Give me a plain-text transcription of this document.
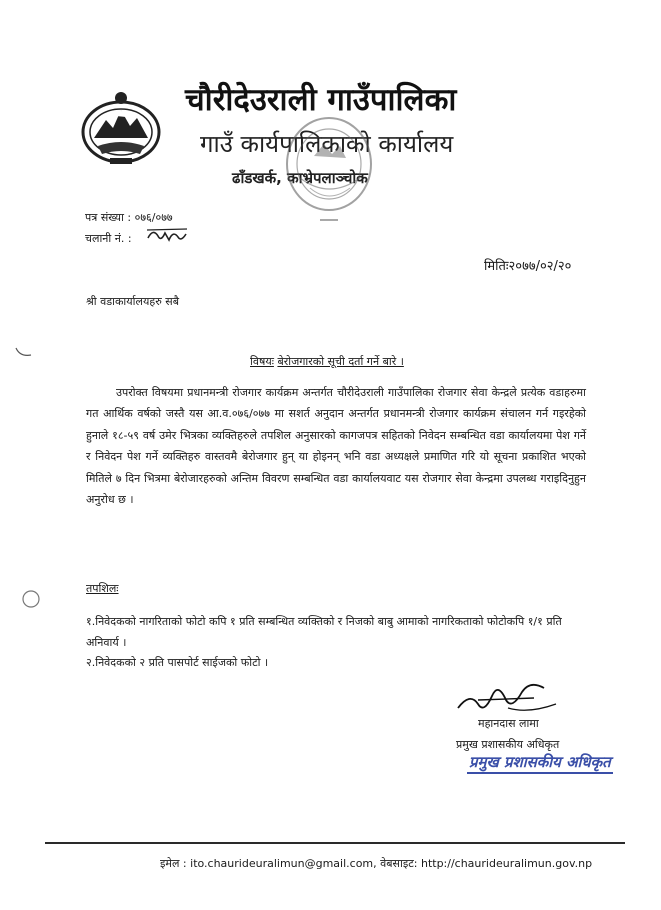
चौरीदेउराली गाउँपालिका
गाउँ कार्यपालिकाको कार्यालय
ढाँडखर्क, काभ्रेपलाञ्चोक
पत्र संख्या : ०७६/०७७
चलानी नं. :
मितिः२०७७/०२/२०
श्री वडाकार्यालयहरु सबै
विषयः बेरोजगारको सूची दर्ता गर्ने बारे ।

उपरोक्त विषयमा प्रधानमन्त्री रोजगार कार्यक्रम अन्तर्गत चौरीदेउराली गाउँपालिका रोजगार सेवा केन्द्रले प्रत्येक वडाहरुमा गत आर्थिक वर्षको जस्तै यस आ.व.०७६/०७७ मा सशर्त अनुदान अन्तर्गत प्रधानमन्त्री रोजगार कार्यक्रम संचालन गर्न गइरहेको हुनाले १८-५९ वर्ष उमेर भित्रका व्यक्तिहरुले तपशिल अनुसारको कागजपत्र सहितको निवेदन सम्बन्धित वडा कार्यालयमा पेश गर्ने र निवेदन पेश गर्ने व्यक्तिहरु वास्तवमै बेरोजगार हुन् या होइनन् भनि वडा अध्यक्षले प्रमाणित गरि यो सूचना प्रकाशित भएको मितिले ७ दिन भित्रमा बेरोजारहरुको अन्तिम विवरण सम्बन्धित वडा कार्यालयवाट यस रोजगार सेवा केन्द्रमा उपलब्ध गराइदिनुहुन अनुरोध छ ।

तपशिलः
१.निवेदकको नागरिताको फोटो कपि १ प्रति सम्बन्धित व्यक्तिको र निजको बाबु आमाको नागरिकताको फोटोकपि १/१ प्रति अनिवार्य ।
२.निवेदकको २ प्रति पासपोर्ट साईजको फोटो ।
महानदास लामा
प्रमुख प्रशासकीय अधिकृत
प्रमुख प्रशासकीय अधिकृत
इमेल : ito.chaurideuralimun@gmail.com, वेबसाइट: http://chaurideuralimun.gov.np
